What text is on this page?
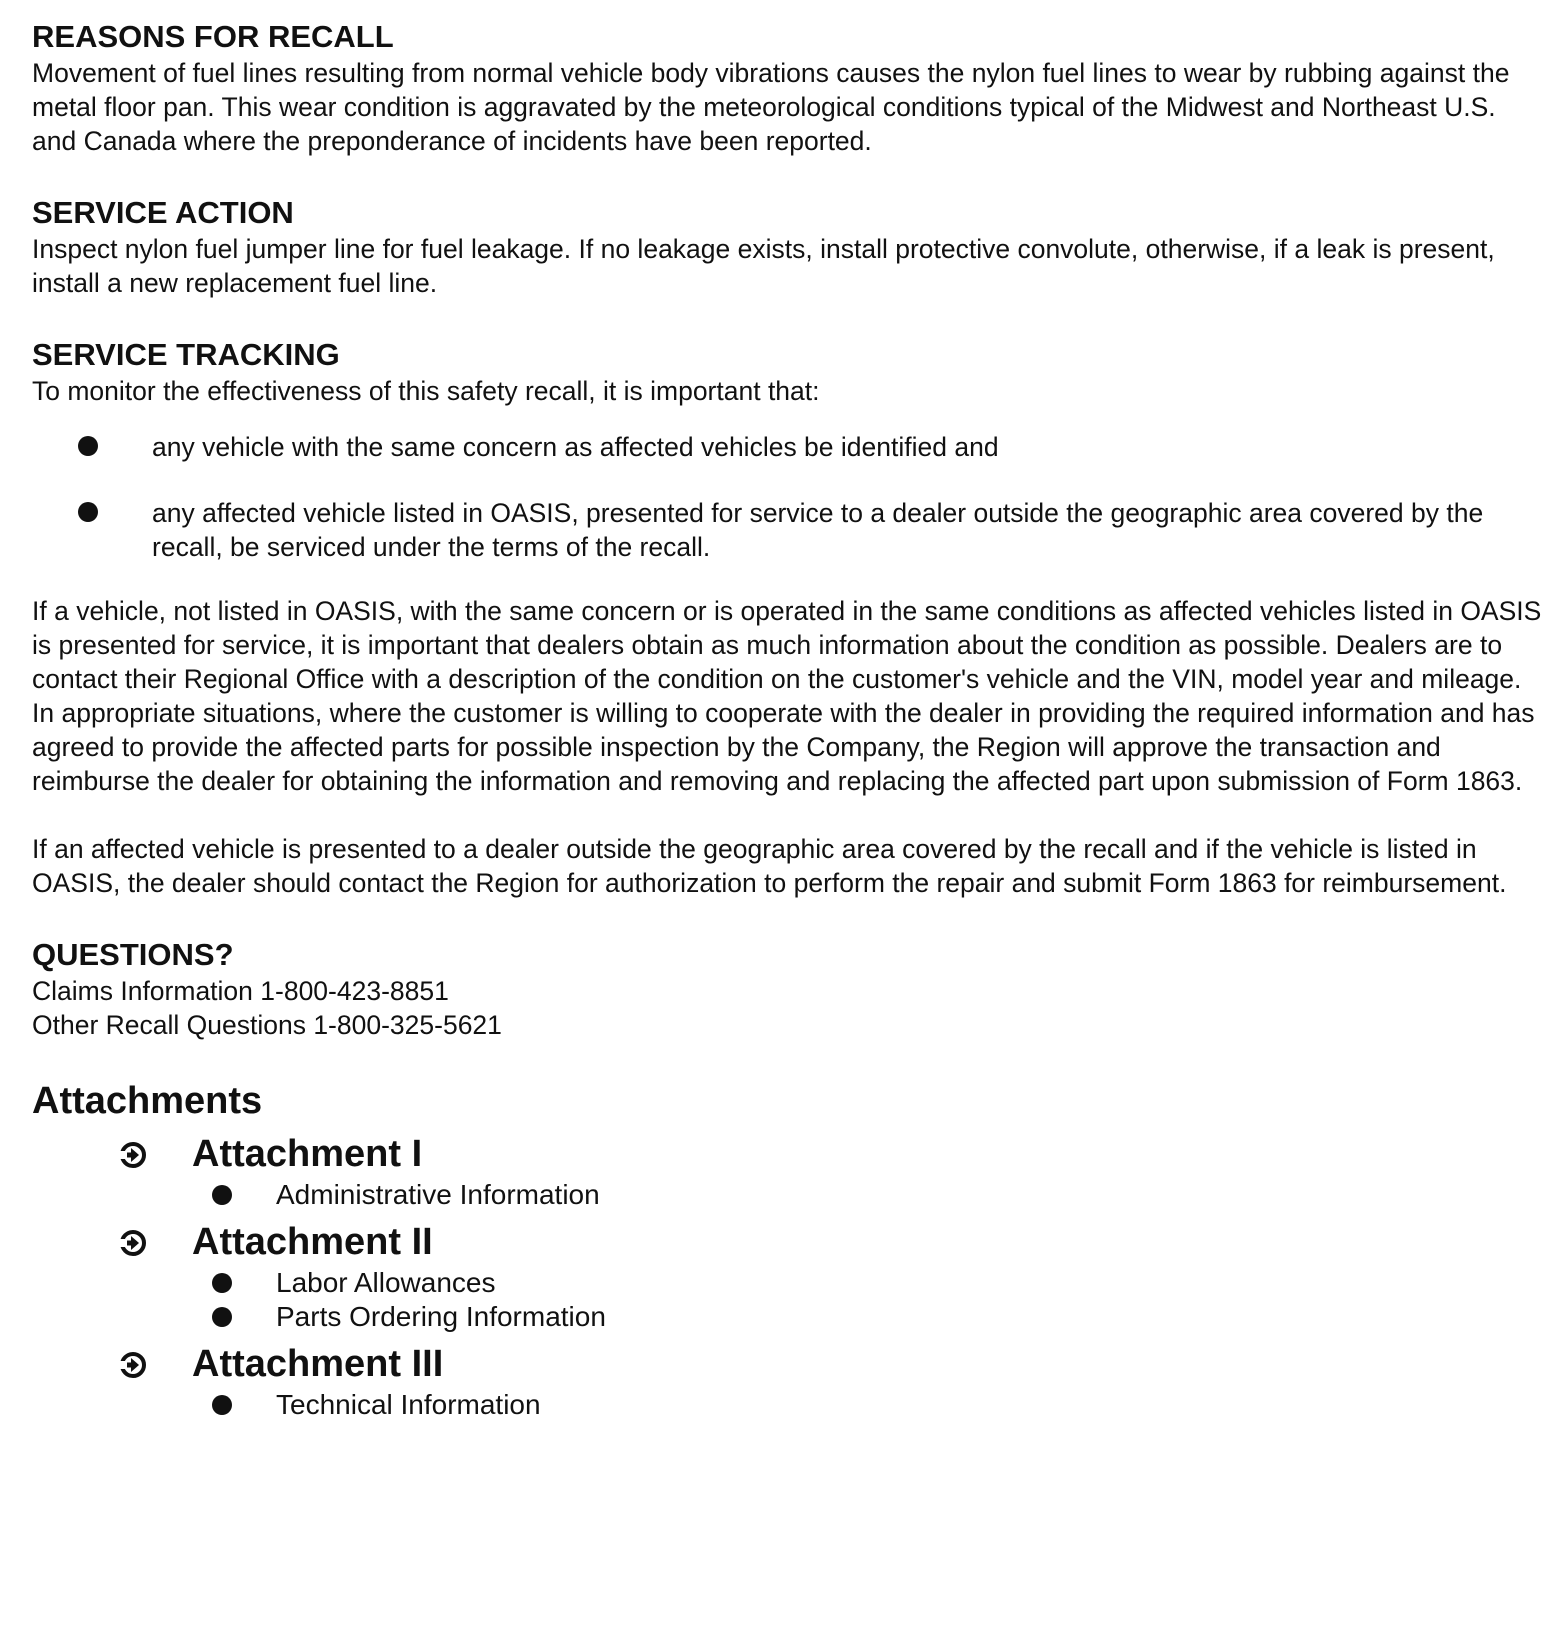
REASONS FOR RECALL

Movement of fuel lines resulting from normal vehicle body vibrations causes the nylon fuel lines to wear by rubbing against the metal floor pan. This wear condition is aggravated by the meteorological conditions typical of the Midwest and Northeast U.S. and Canada where the preponderance of incidents have been reported.

SERVICE ACTION

Inspect nylon fuel jumper line for fuel leakage. If no leakage exists, install protective convolute, otherwise, if a leak is present, install a new replacement fuel line.

SERVICE TRACKING

To monitor the effectiveness of this safety recall, it is important that:

any vehicle with the same concern as affected vehicles be identified and
any affected vehicle listed in OASIS, presented for service to a dealer outside the geographic area covered by the recall, be serviced under the terms of the recall.

If a vehicle, not listed in OASIS, with the same concern or is operated in the same conditions as affected vehicles listed in OASIS is presented for service, it is important that dealers obtain as much information about the condition as possible. Dealers are to contact their Regional Office with a description of the condition on the customer's vehicle and the VIN, model year and mileage. In appropriate situations, where the customer is willing to cooperate with the dealer in providing the required information and has agreed to provide the affected parts for possible inspection by the Company, the Region will approve the transaction and reimburse the dealer for obtaining the information and removing and replacing the affected part upon submission of Form 1863.

If an affected vehicle is presented to a dealer outside the geographic area covered by the recall and if the vehicle is listed in OASIS, the dealer should contact the Region for authorization to perform the repair and submit Form 1863 for reimbursement.

QUESTIONS?

Claims Information 1-800-423-8851

Other Recall Questions 1-800-325-5621

Attachments
Attachment I
Administrative Information
Attachment II
Labor Allowances
Parts Ordering Information
Attachment III
Technical Information
